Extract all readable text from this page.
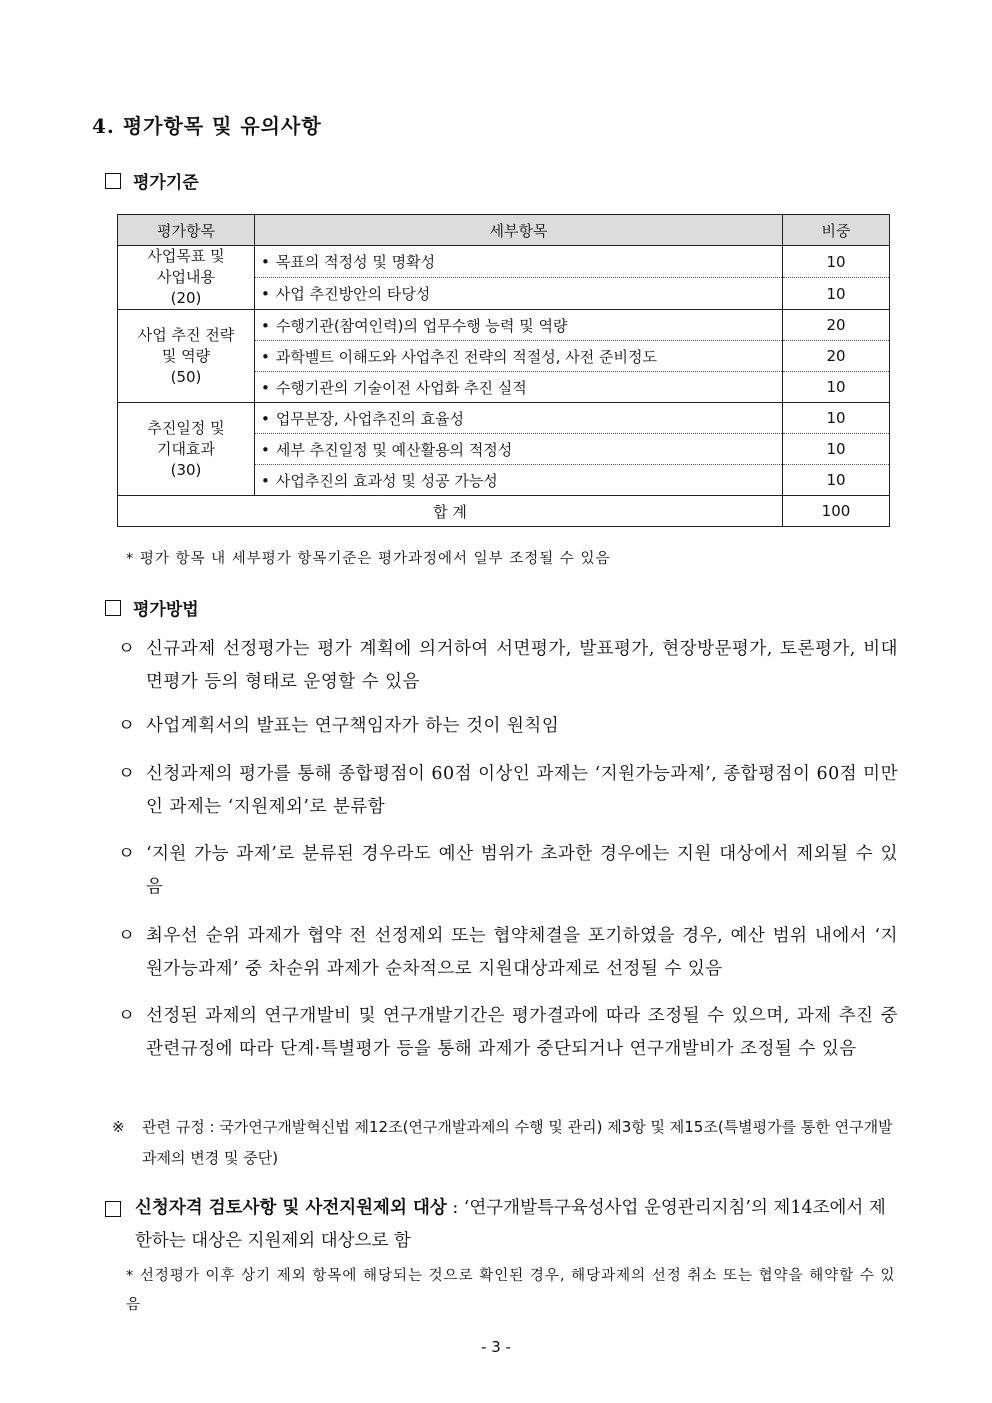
4. 평가항목 및 유의사항
평가기준
평가항목	세부항목	비중
사업목표 및
사업내용
(20)	• 목표의 적정성 및 명확성	10
	• 사업 추진방안의 타당성	10
사업 추진 전략
및 역량
(50)	• 수행기관(참여인력)의 업무수행 능력 및 역량	20
	• 과학벨트 이해도와 사업추진 전략의 적절성, 사전 준비정도	20
	• 수행기관의 기술이전 사업화 추진 실적	10
추진일정 및
기대효과
(30)	• 업무분장, 사업추진의 효율성	10
	• 세부 추진일정 및 예산활용의 적정성	10
	• 사업추진의 효과성 및 성공 가능성	10
합 계		100
* 평가 항목 내 세부평가 항목기준은 평가과정에서 일부 조정될 수 있음
평가방법
ㅇ 신규과제 선정평가는 평가 계획에 의거하여 서면평가, 발표평가, 현장방문평가, 토론평가, 비대면평가 등의 형태로 운영할 수 있음
ㅇ 사업계획서의 발표는 연구책임자가 하는 것이 원칙임
ㅇ 신청과제의 평가를 통해 종합평점이 60점 이상인 과제는 ‘지원가능과제’, 종합평점이 60점 미만인 과제는 ‘지원제외’로 분류함
ㅇ ‘지원 가능 과제’로 분류된 경우라도 예산 범위가 초과한 경우에는 지원 대상에서 제외될 수 있음
ㅇ 최우선 순위 과제가 협약 전 선정제외 또는 협약체결을 포기하였을 경우, 예산 범위 내에서 ‘지원가능과제’ 중 차순위 과제가 순차적으로 지원대상과제로 선정될 수 있음
ㅇ 선정된 과제의 연구개발비 및 연구개발기간은 평가결과에 따라 조정될 수 있으며, 과제 추진 중 관련규정에 따라 단계·특별평가 등을 통해 과제가 중단되거나 연구개발비가 조정될 수 있음
※ 관련 규정 : 국가연구개발혁신법 제12조(연구개발과제의 수행 및 관리) 제3항 및 제15조(특별평가를 통한 연구개발과제의 변경 및 중단)
신청자격 검토사항 및 사전지원제외 대상 : ‘연구개발특구육성사업 운영관리지침’의 제14조에서 제한하는 대상은 지원제외 대상으로 함
* 선정평가 이후 상기 제외 항목에 해당되는 것으로 확인된 경우, 해당과제의 선정 취소 또는 협약을 해약할 수 있음
- 3 -
